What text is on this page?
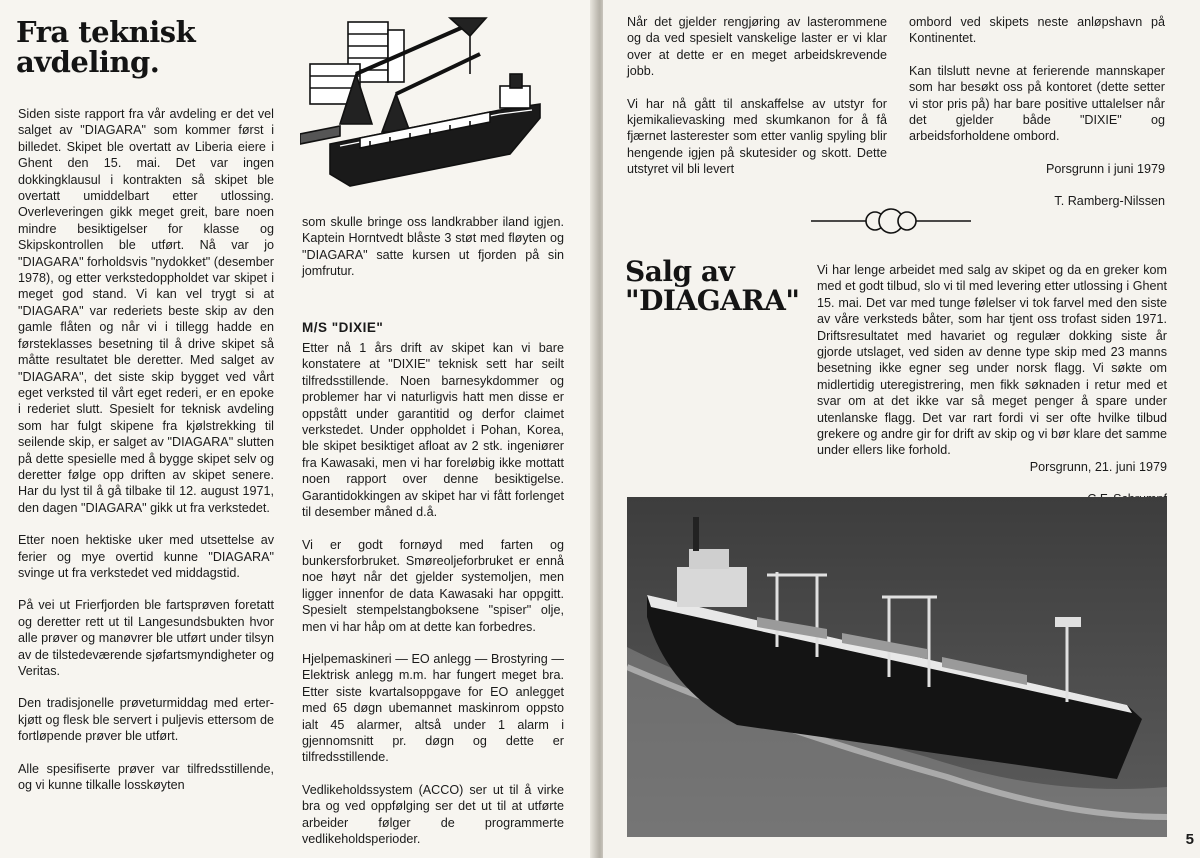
Fra teknisk
avdeling.

Siden siste rapport fra vår avdeling er det vel salget av "DIAGARA" som kommer først i billedet. Skipet ble overtatt av Liberia eiere i Ghent den 15. mai. Det var ingen dokkingklausul i kontrakten så skipet ble overtatt umiddelbart etter utlossing. Overleveringen gikk meget greit, bare noen mindre besiktigelser for klasse og Skipskontrollen ble utført. Nå var jo "DIAGARA" forholdsvis "nydokket" (desember 1978), og etter verkstedoppholdet var skipet i meget god stand. Vi kan vel trygt si at "DIAGARA" var rederiets beste skip av den gamle flåten og når vi i tillegg hadde en førsteklasses besetning til å drive skipet så måtte resultatet ble deretter. Med salget av "DIAGARA", det siste skip bygget ved vårt eget verksted til vårt eget rederi, er en epoke i rederiet slutt. Spesielt for teknisk avdeling som har fulgt skipene fra kjølstrekking til seilende skip, er salget av "DIAGARA" slutten på dette spesielle med å bygge skipet selv og deretter følge opp driften av skipet senere. Har du lyst til å gå tilbake til 12. august 1971, den dagen "DIAGARA" gikk ut fra verkstedet.

Etter noen hektiske uker med utsettelse av ferier og mye overtid kunne "DIAGARA" svinge ut fra verkstedet ved middagstid.

På vei ut Frierfjorden ble fartsprøven foretatt og deretter rett ut til Langesundsbukten hvor alle prøver og manøvrer ble utført under tilsyn av de tilstedeværende sjøfartsmyndigheter og Veritas.

Den tradisjonelle prøveturmiddag med erter-kjøtt og flesk ble servert i puljevis ettersom de fortløpende prøver ble utført.

Alle spesifiserte prøver var tilfredsstillende, og vi kunne tilkalle losskøyten

som skulle bringe oss landkrabber iland igjen. Kaptein Horntvedt blåste 3 støt med fløyten og "DIAGARA" satte kursen ut fjorden på sin jomfrutur.

M/S "DIXIE"

Etter nå 1 års drift av skipet kan vi bare konstatere at "DIXIE" teknisk sett har seilt tilfredsstillende. Noen barnesykdommer og problemer har vi naturligvis hatt men disse er oppstått under garantitid og derfor claimet verkstedet. Under oppholdet i Pohan, Korea, ble skipet besiktiget afloat av 2 stk. ingeniører fra Kawasaki, men vi har foreløbig ikke mottatt noen rapport over denne besiktigelse. Garantidokkingen av skipet har vi fått forlenget til desember måned d.å.

Vi er godt fornøyd med farten og bunkersforbruket. Smøreoljeforbruket er ennå noe høyt når det gjelder systemoljen, men ligger innenfor de data Kawasaki har oppgitt. Spesielt stempelstangboksene "spiser" olje, men vi har håp om at dette kan forbedres.

Hjelpemaskineri — EO anlegg — Brostyring — Elektrisk anlegg m.m. har fungert meget bra. Etter siste kvartalsoppgave for EO anlegget med 65 døgn ubemannet maskinrom oppsto ialt 45 alarmer, altså under 1 alarm i gjennomsnitt pr. døgn og dette er tilfredsstillende.

Vedlikeholdssystem (ACCO) ser ut til å virke bra og ved oppfølging ser det ut til at utførte arbeider følger de programmerte vedlikeholdsperioder.

Når det gjelder rengjøring av lasterommene og da ved spesielt vanskelige laster er vi klar over at dette er en meget arbeidskrevende jobb.

Vi har nå gått til anskaffelse av utstyr for kjemikalievasking med skumkanon for å få fjærnet lasterester som etter vanlig spyling blir hengende igjen på skutesider og skott. Dette utstyret vil bli levert

ombord ved skipets neste anløpshavn på Kontinentet.

Kan tilslutt nevne at ferierende mannskaper som har besøkt oss på kontoret (dette setter vi stor pris på) har bare positive uttalelser når det gjelder både "DIXIE" og arbeidsforholdene ombord.

Porsgrunn i juni 1979

T. Ramberg-Nilssen

Salg av
"DIAGARA"

Vi har lenge arbeidet med salg av skipet og da en greker kom med et godt tilbud, slo vi til med levering etter utlossing i Ghent 15. mai. Det var med tunge følelser vi tok farvel med den siste av våre verksteds båter, som har tjent oss trofast siden 1971. Driftsresultatet med havariet og regulær dokking siste år gjorde utslaget, ved siden av denne type skip med 23 manns besetning ikke egner seg under norsk flagg. Vi søkte om midlertidig uteregistrering, men fikk søknaden i retur med et svar om at det ikke var så meget penger å spare under utenlanske flagg. Det var rart fordi vi ser ofte hvilke tilbud grekere og andre gir for drift av skip og vi bør klare det samme under ellers like forhold.

Porsgrunn, 21. juni 1979

5
